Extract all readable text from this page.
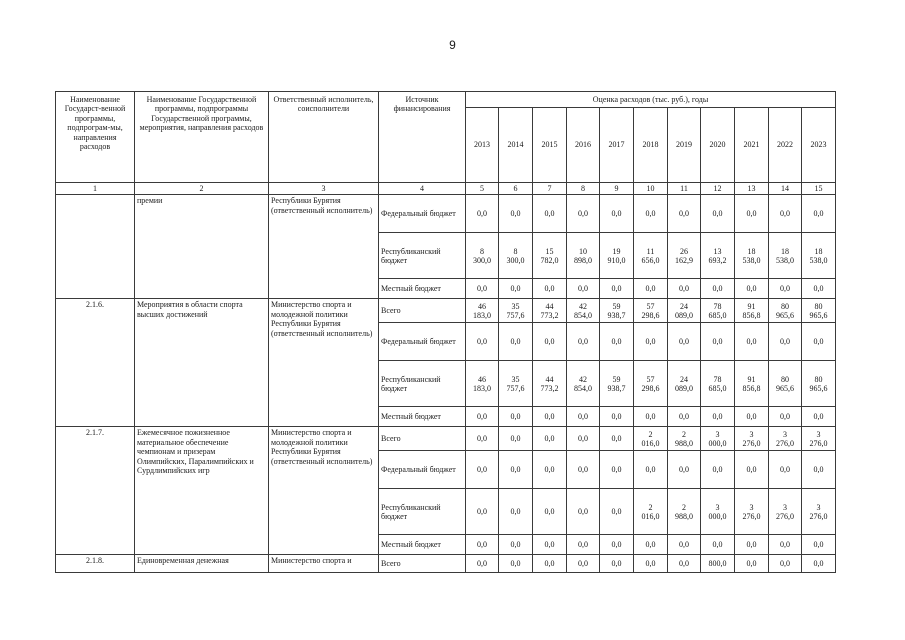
9
Наименование Государст-венной программы, подпрограм-мы, направления расходов	Наименование Государственной программы, подпрограммы Государственной программы, мероприятия, направления расходов	Ответственный исполнитель, соисполнители	Источник финансирования	Оценка расходов (тыс. руб.), годы										
				2013	2014	2015	2016	2017	2018	2019	2020	2021	2022	2023
1	2	3	4	5	6	7	8	9	10	11	12	13	14	15
	премии	Республики Бурятия (ответственный исполнитель)	Федеральный бюджет	0,0	0,0	0,0	0,0	0,0	0,0	0,0	0,0	0,0	0,0	0,0
			Республиканский бюджет	8 300,0	8 300,0	15 782,0	10 898,0	19 910,0	11 656,0	26 162,9	13 693,2	18 538,0	18 538,0	18 538,0
			Местный бюджет	0,0	0,0	0,0	0,0	0,0	0,0	0,0	0,0	0,0	0,0	0,0
2.1.6.	Мероприятия в области спорта высших достижений	Министерство спорта и молодежной политики Республики Бурятия (ответственный исполнитель)	Всего	46 183,0	35 757,6	44 773,2	42 854,0	59 938,7	57 298,6	24 089,0	78 685,0	91 856,8	80 965,6	80 965,6
			Федеральный бюджет	0,0	0,0	0,0	0,0	0,0	0,0	0,0	0,0	0,0	0,0	0,0
			Республиканский бюджет	46 183,0	35 757,6	44 773,2	42 854,0	59 938,7	57 298,6	24 089,0	78 685,0	91 856,8	80 965,6	80 965,6
			Местный бюджет	0,0	0,0	0,0	0,0	0,0	0,0	0,0	0,0	0,0	0,0	0,0
2.1.7.	Ежемесячное пожизненное материальное обеспечение чемпионам и призерам Олимпийских, Паралимпийских и Сурдлимпийских игр	Министерство спорта и молодежной политики Республики Бурятия (ответственный исполнитель)	Всего	0,0	0,0	0,0	0,0	0,0	2 016,0	2 988,0	3 000,0	3 276,0	3 276,0	3 276,0
			Федеральный бюджет	0,0	0,0	0,0	0,0	0,0	0,0	0,0	0,0	0,0	0,0	0,0
			Республиканский бюджет	0,0	0,0	0,0	0,0	0,0	2 016,0	2 988,0	3 000,0	3 276,0	3 276,0	3 276,0
			Местный бюджет	0,0	0,0	0,0	0,0	0,0	0,0	0,0	0,0	0,0	0,0	0,0
2.1.8.	Единовременная денежная	Министерство спорта и	Всего	0,0	0,0	0,0	0,0	0,0	0,0	0,0	800,0	0,0	0,0	0,0
